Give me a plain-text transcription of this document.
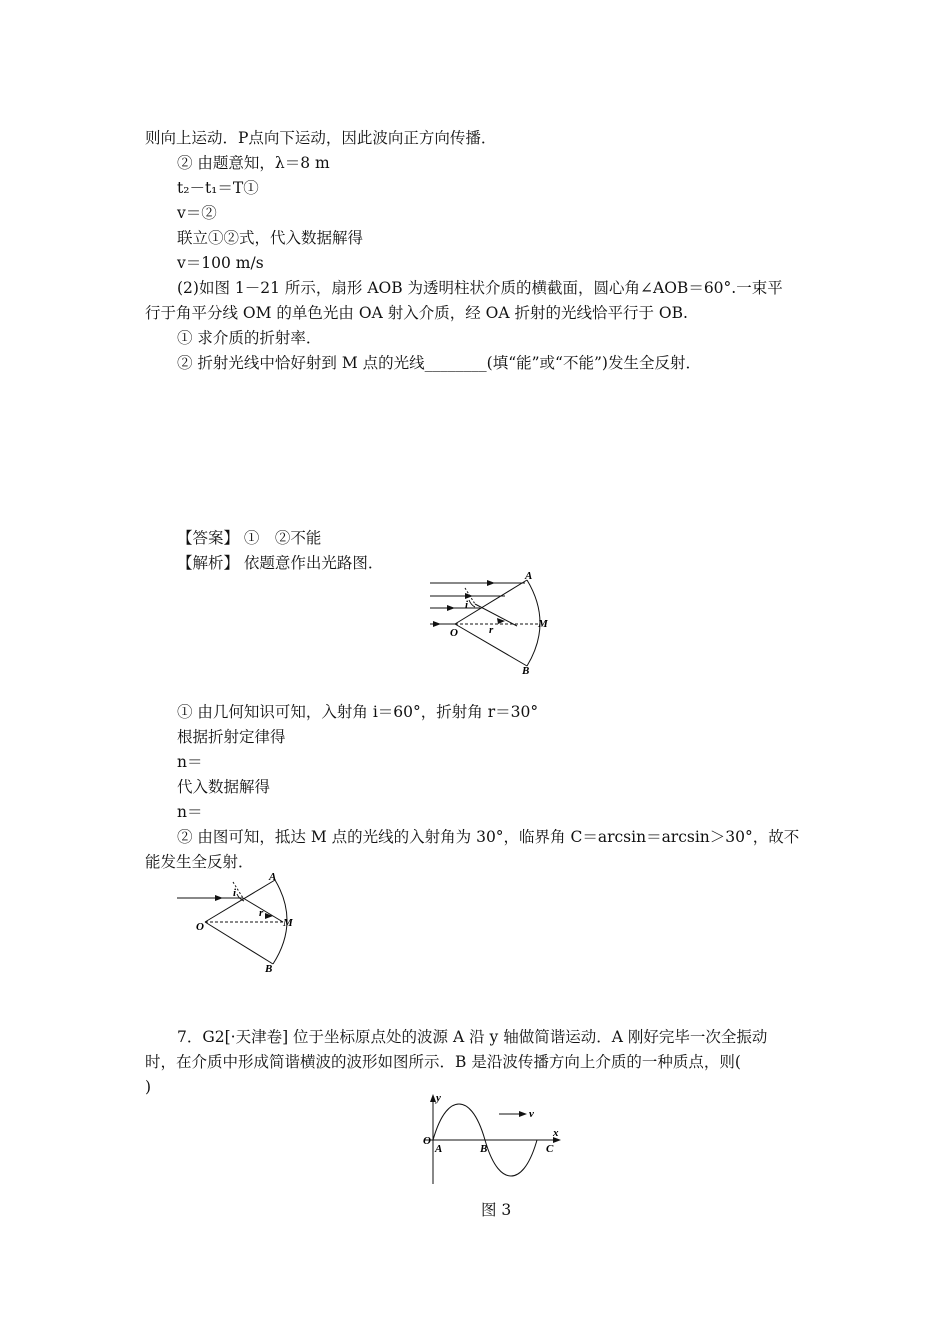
则向上运动．P点向下运动，因此波向正方向传播．
② 由题意知，λ＝8 m
t₂－t₁＝T①
v＝②
联立①②式，代入数据解得
v＝100 m/s
(2)如图 1－21 所示，扇形 AOB 为透明柱状介质的横截面，圆心角∠AOB＝60°.一束平
行于角平分线 OM 的单色光由 OA 射入介质，经 OA 折射的光线恰平行于 OB.
① 求介质的折射率．
② 折射光线中恰好射到 M 点的光线________(填“能”或“不能”)发生全反射．
【答案】 ①　②不能
【解析】 依题意作出光路图．
A
B
O
M
i
r
① 由几何知识可知，入射角 i＝60°，折射角 r＝30°
根据折射定律得
n＝
代入数据解得
n＝
② 由图可知，抵达 M 点的光线的入射角为 30°，临界角 C＝arcsin＝arcsin＞30°，故不
能发生全反射．
A
B
O	M
i
r
7．G2[·天津卷] 位于坐标原点处的波源 A 沿 y 轴做简谐运动．A 刚好完毕一次全振动
时，在介质中形成简谐横波的波形如图所示．B 是沿波传播方向上介质的一种质点，则(
)
y
x
v
O
A	B	C
图 3
